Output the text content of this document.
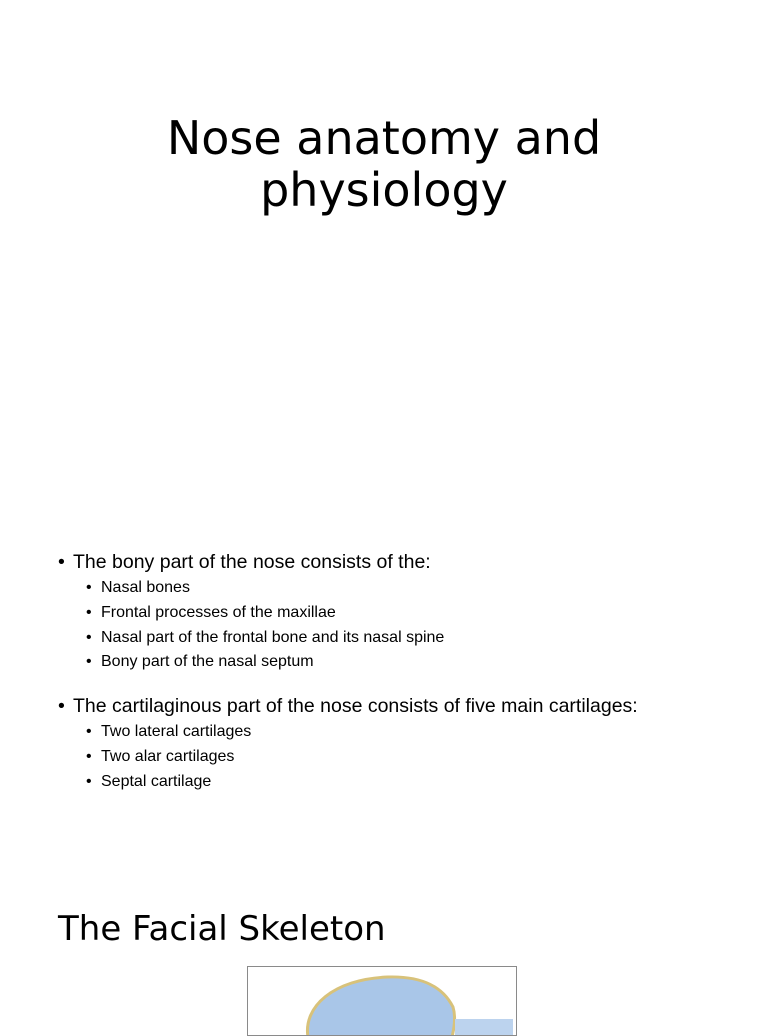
Nose anatomy and
physiology
• The bony part of the nose consists of the:
• Nasal bones
• Frontal processes of the maxillae
• Nasal part of the frontal bone and its nasal spine
• Bony part of the nasal septum
• The cartilaginous part of the nose consists of five main cartilages:
• Two lateral cartilages
• Two alar cartilages
• Septal cartilage
The Facial Skeleton
